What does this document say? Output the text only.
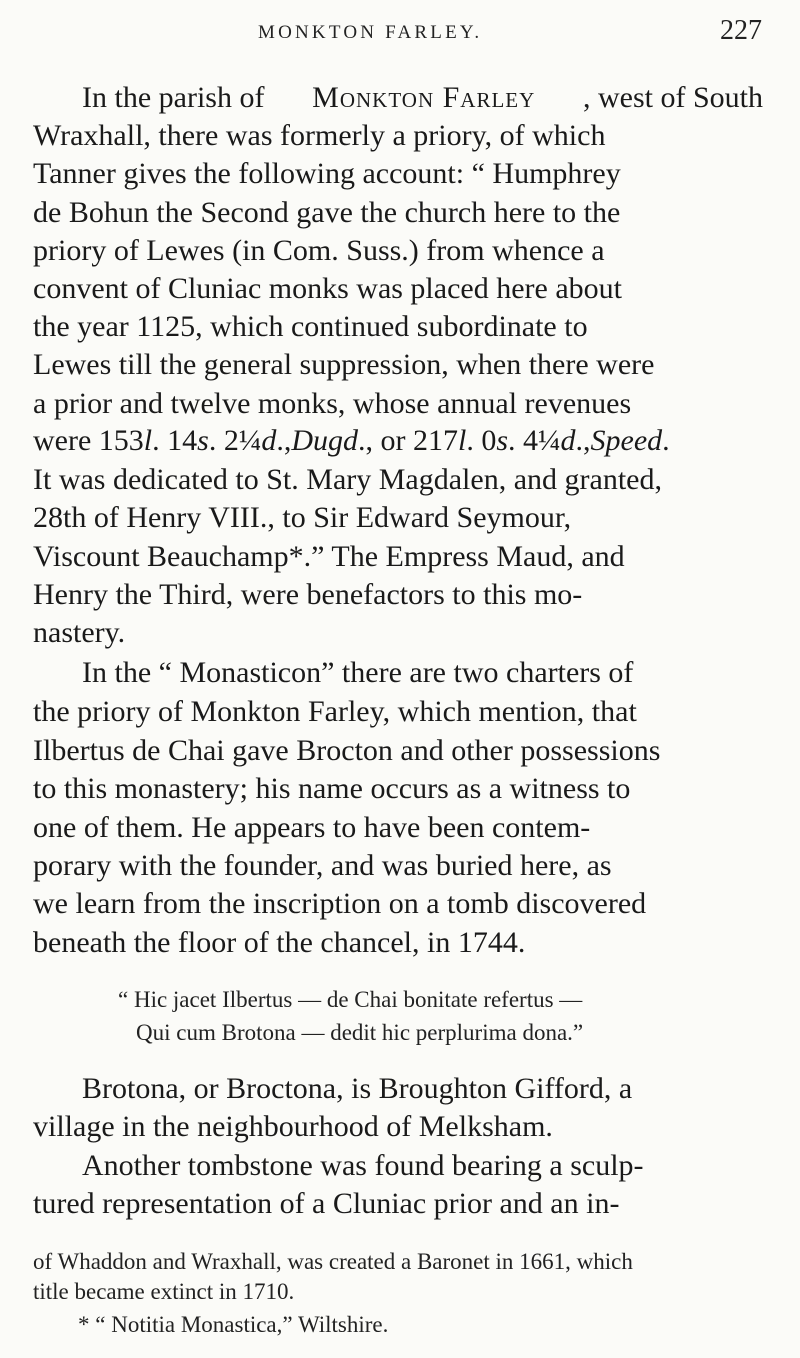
MONKTON FARLEY.	227
In the parish of Monkton Farley , west of South
Wraxhall, there was formerly a priory, of which
Tanner gives the following account: “ Humphrey
de Bohun the Second gave the church here to the
priory of Lewes (in Com. Suss.) from whence a
convent of Cluniac monks was placed here about
the year 1125, which continued subordinate to
Lewes till the general suppression, when there were
a prior and twelve monks, whose annual revenues
were 153l. 14s. 2¼d.,Dugd., or 217l. 0s. 4¼d.,Speed.
It was dedicated to St. Mary Magdalen, and granted,
28th of Henry VIII., to Sir Edward Seymour,
Viscount Beauchamp*.” The Empress Maud, and
Henry the Third, were benefactors to this mo-
nastery.
In the “ Monasticon” there are two charters of
the priory of Monkton Farley, which mention, that
Ilbertus de Chai gave Brocton and other possessions
to this monastery; his name occurs as a witness to
one of them. He appears to have been contem-
porary with the founder, and was buried here, as
we learn from the inscription on a tomb discovered
beneath the floor of the chancel, in 1744.
“ Hic jacet Ilbertus — de Chai bonitate refertus —
Qui cum Brotona — dedit hic perplurima dona.”
Brotona, or Broctona, is Broughton Gifford, a
village in the neighbourhood of Melksham.
Another tombstone was found bearing a sculp-
tured representation of a Cluniac prior and an in-
of Whaddon and Wraxhall, was created a Baronet in 1661, which
title became extinct in 1710.
* “ Notitia Monastica,” Wiltshire.
